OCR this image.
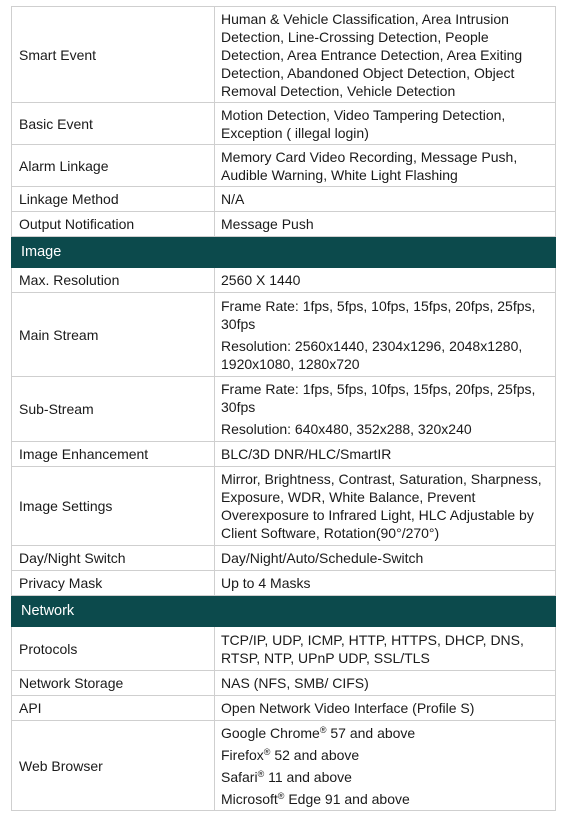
Smart Event	Human & Vehicle Classification, Area Intrusion Detection, Line-Crossing Detection, People Detection, Area Entrance Detection, Area Exiting Detection, Abandoned Object Detection, Object Removal Detection, Vehicle Detection
Basic Event	Motion Detection, Video Tampering Detection, Exception ( illegal login)
Alarm Linkage	Memory Card Video Recording, Message Push, Audible Warning, White Light Flashing
Linkage Method	N/A
Output Notification	Message Push
Image	
Max. Resolution	2560 X 1440
Main Stream	Frame Rate: 1fps, 5fps, 10fps, 15fps, 20fps, 25fps, 30fps
Resolution: 2560x1440, 2304x1296, 2048x1280, 1920x1080, 1280x720

Sub-Stream	Frame Rate: 1fps, 5fps, 10fps, 15fps, 20fps, 25fps, 30fps
Resolution: 640x480, 352x288, 320x240

Image Enhancement	BLC/3D DNR/HLC/SmartIR
Image Settings	Mirror, Brightness, Contrast, Saturation, Sharpness, Exposure, WDR, White Balance, Prevent Overexposure to Infrared Light, HLC Adjustable by Client Software, Rotation(90°/270°)
Day/Night Switch	Day/Night/Auto/Schedule-Switch
Privacy Mask	Up to 4 Masks
Network	
Protocols	TCP/IP, UDP, ICMP, HTTP, HTTPS, DHCP, DNS, RTSP, NTP, UPnP UDP, SSL/TLS
Network Storage	NAS (NFS, SMB/ CIFS)
API	Open Network Video Interface (Profile S)
Web Browser	Google Chrome® 57 and above
Firefox® 52 and above
Safari® 11 and above
Microsoft® Edge 91 and above
